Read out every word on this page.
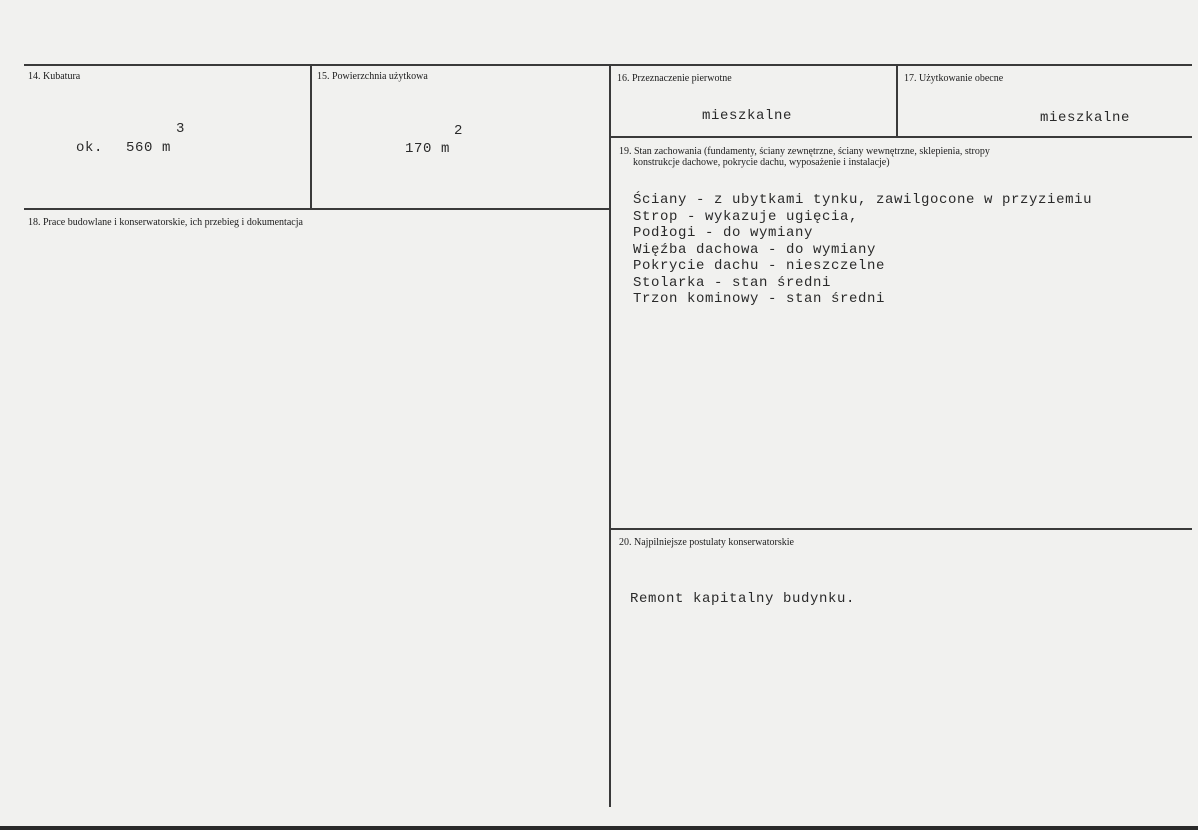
14. Kubatura
3
ok. 560 m
15. Powierzchnia użytkowa
2
170 m
16. Przeznaczenie pierwotne
mieszkalne
17. Użytkowanie obecne
mieszkalne
18. Prace budowlane i konserwatorskie, ich przebieg i dokumentacja
19. Stan zachowania (fundamenty, ściany zewnętrzne, ściany wewnętrzne, sklepienia, stropy
konstrukcje dachowe, pokrycie dachu, wyposażenie i instalacje)
Ściany - z ubytkami tynku, zawilgocone w przyziemiu
Strop - wykazuje ugięcia,
Podłogi - do wymiany
Więźba dachowa - do wymiany
Pokrycie dachu - nieszczelne
Stolarka - stan średni
Trzon kominowy - stan średni
20. Najpilniejsze postulaty konserwatorskie
Remont kapitalny budynku.
